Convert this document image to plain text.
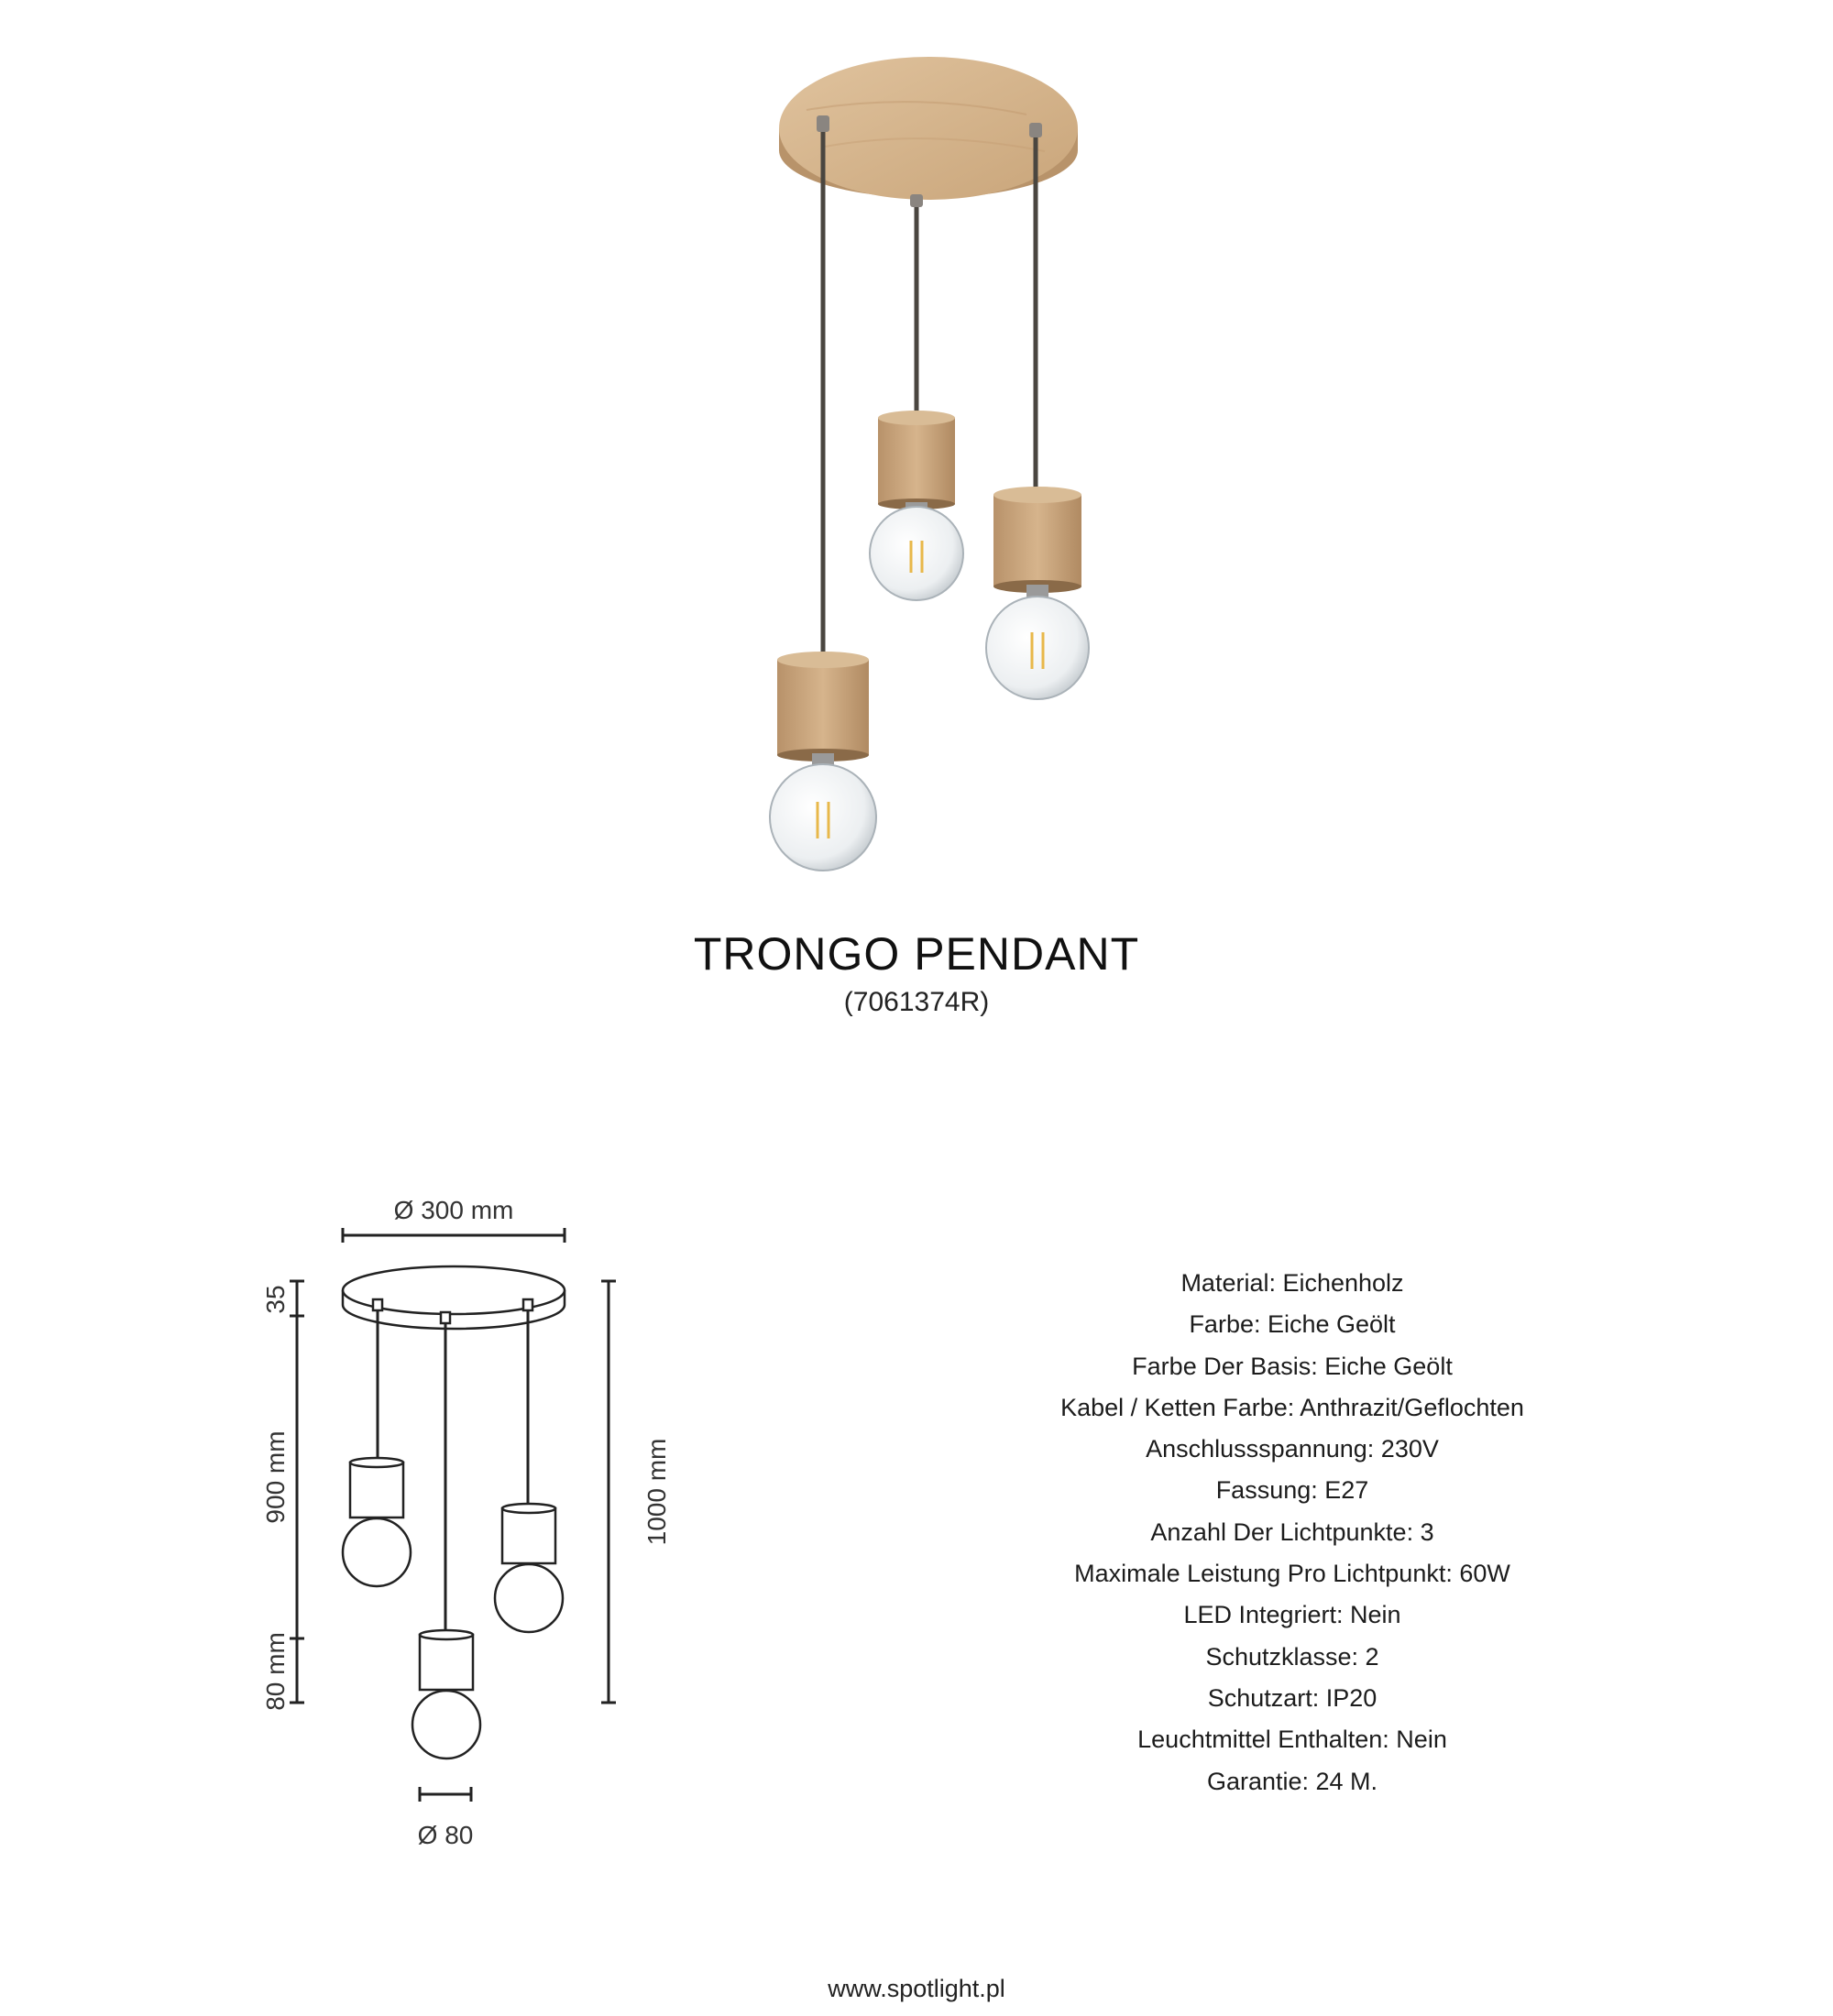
TRONGO PENDANT
(7061374R)
Ø 300 mm
35
900 mm
80 mm
1000 mm
Ø 80
Material: Eichenholz
Farbe: Eiche Geölt
Farbe Der Basis: Eiche Geölt
Kabel / Ketten Farbe: Anthrazit/Geflochten
Anschlussspannung: 230V
Fassung: E27
Anzahl Der Lichtpunkte: 3
Maximale Leistung Pro Lichtpunkt: 60W
LED Integriert: Nein
Schutzklasse: 2
Schutzart: IP20
Leuchtmittel Enthalten: Nein
Garantie: 24 M.
www.spotlight.pl
